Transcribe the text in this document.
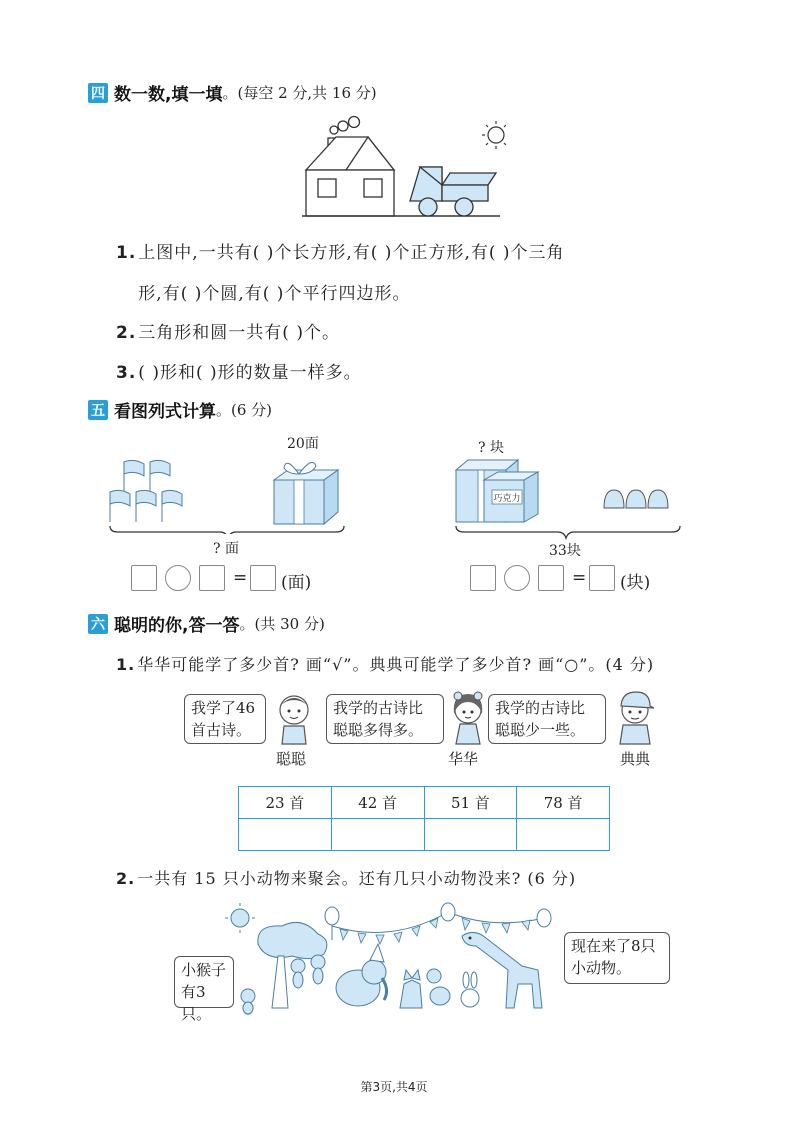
四 数一数,填一填 。(每空 2 分,共 16 分)
1. 上图中,一共有( )个长方形,有( )个正方形,有( )个三角
形,有( )个圆,有( )个平行四边形。
2. 三角形和圆一共有( )个。
3. ( )形和( )形的数量一样多。
五 看图列式计算 。(6 分)
20面
? 面
= (面)
? 块
巧克力
33块
= (块)
六 聪明的你,答一答 。(共 30 分)
1. 华华可能学了多少首? 画“√”。典典可能学了多少首? 画“○”。(4 分)
我学了46
首古诗。
我学的古诗比
聪聪多得多。
我学的古诗比
聪聪少一些。
聪聪	华华	典典
23 首	42 首	51 首	78 首

2. 一共有 15 只小动物来聚会。还有几只小动物没来? (6 分)
小猴子
有3只。
现在来了8只
小动物。
第3页,共4页
